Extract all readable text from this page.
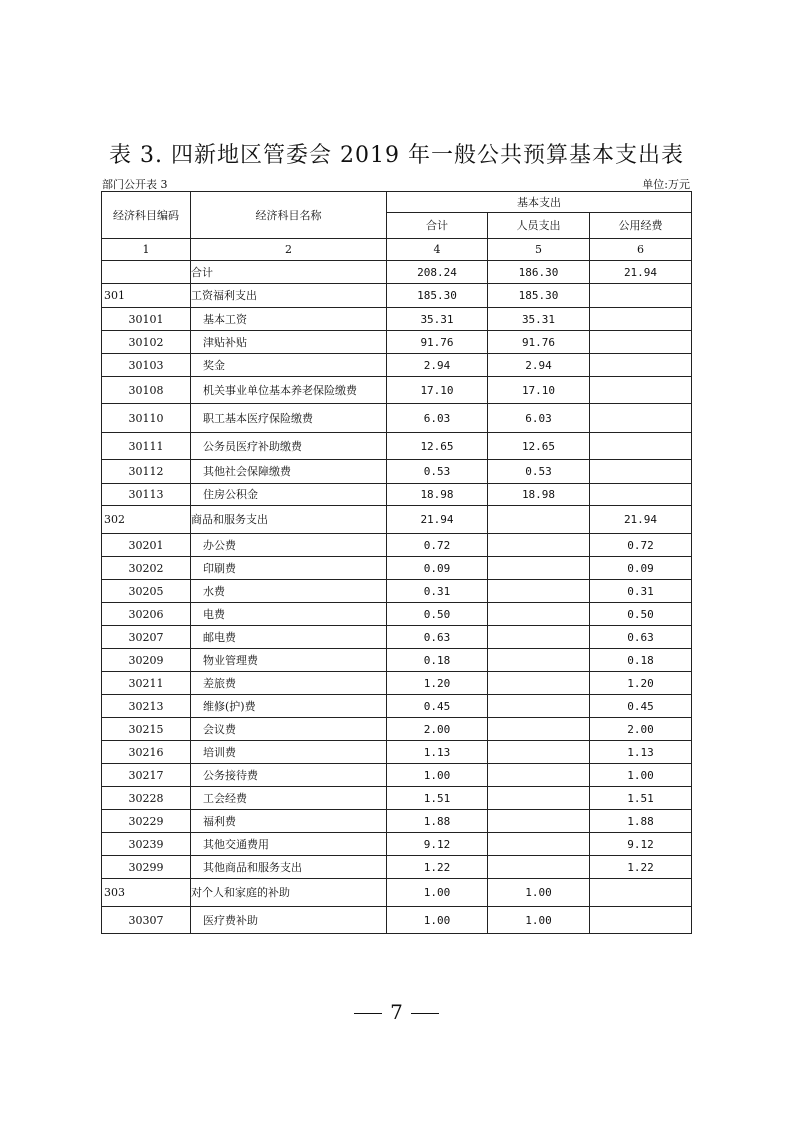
表 3. 四新地区管委会 2019 年一般公共预算基本支出表
部门公开表 3	单位:万元
经济科目编码	经济科目名称	基本支出		
		合计	人员支出	公用经费
1	2	4	5	6
	合计	208.24	186.30	21.94
301	工资福利支出	185.30	185.30	
30101	基本工资	35.31	35.31	
30102	津贴补贴	91.76	91.76	
30103	奖金	2.94	2.94	
30108	机关事业单位基本养老保险缴费	17.10	17.10	
30110	职工基本医疗保险缴费	6.03	6.03	
30111	公务员医疗补助缴费	12.65	12.65	
30112	其他社会保障缴费	0.53	0.53	
30113	住房公积金	18.98	18.98	
302	商品和服务支出	21.94		21.94
30201	办公费	0.72		0.72
30202	印刷费	0.09		0.09
30205	水费	0.31		0.31
30206	电费	0.50		0.50
30207	邮电费	0.63		0.63
30209	物业管理费	0.18		0.18
30211	差旅费	1.20		1.20
30213	维修(护)费	0.45		0.45
30215	会议费	2.00		2.00
30216	培训费	1.13		1.13
30217	公务接待费	1.00		1.00
30228	工会经费	1.51		1.51
30229	福利费	1.88		1.88
30239	其他交通费用	9.12		9.12
30299	其他商品和服务支出	1.22		1.22
303	对个人和家庭的补助	1.00	1.00	
30307	医疗费补助	1.00	1.00	
7
